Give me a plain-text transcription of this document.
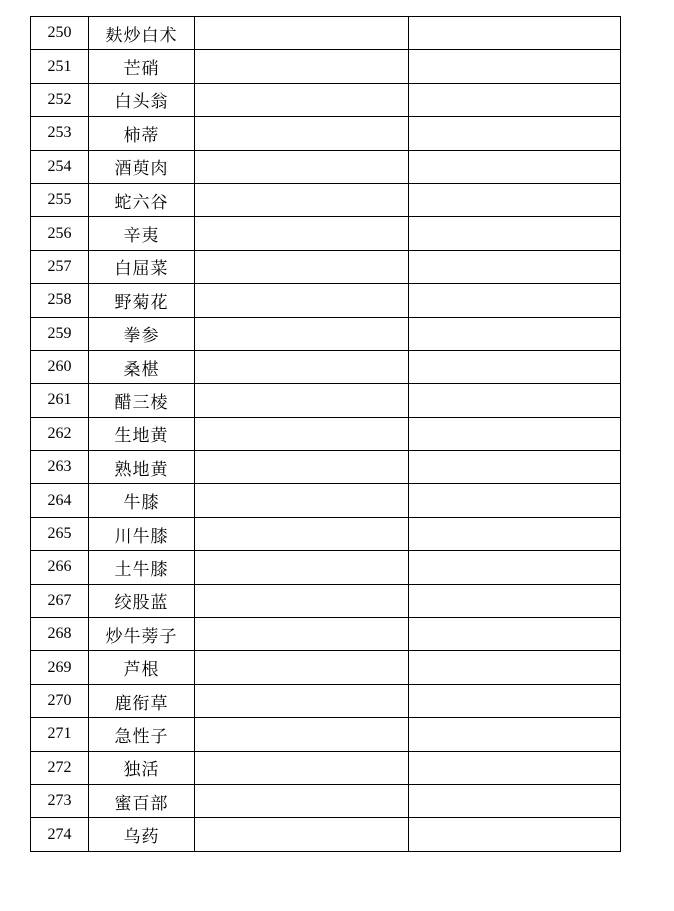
250	麸炒白术		
251	芒硝		
252	白头翁		
253	柿蒂		
254	酒萸肉		
255	蛇六谷		
256	辛夷		
257	白屈菜		
258	野菊花		
259	拳参		
260	桑椹		
261	醋三棱		
262	生地黄		
263	熟地黄		
264	牛膝		
265	川牛膝		
266	土牛膝		
267	绞股蓝		
268	炒牛蒡子		
269	芦根		
270	鹿衔草		
271	急性子		
272	独活		
273	蜜百部		
274	乌药		
